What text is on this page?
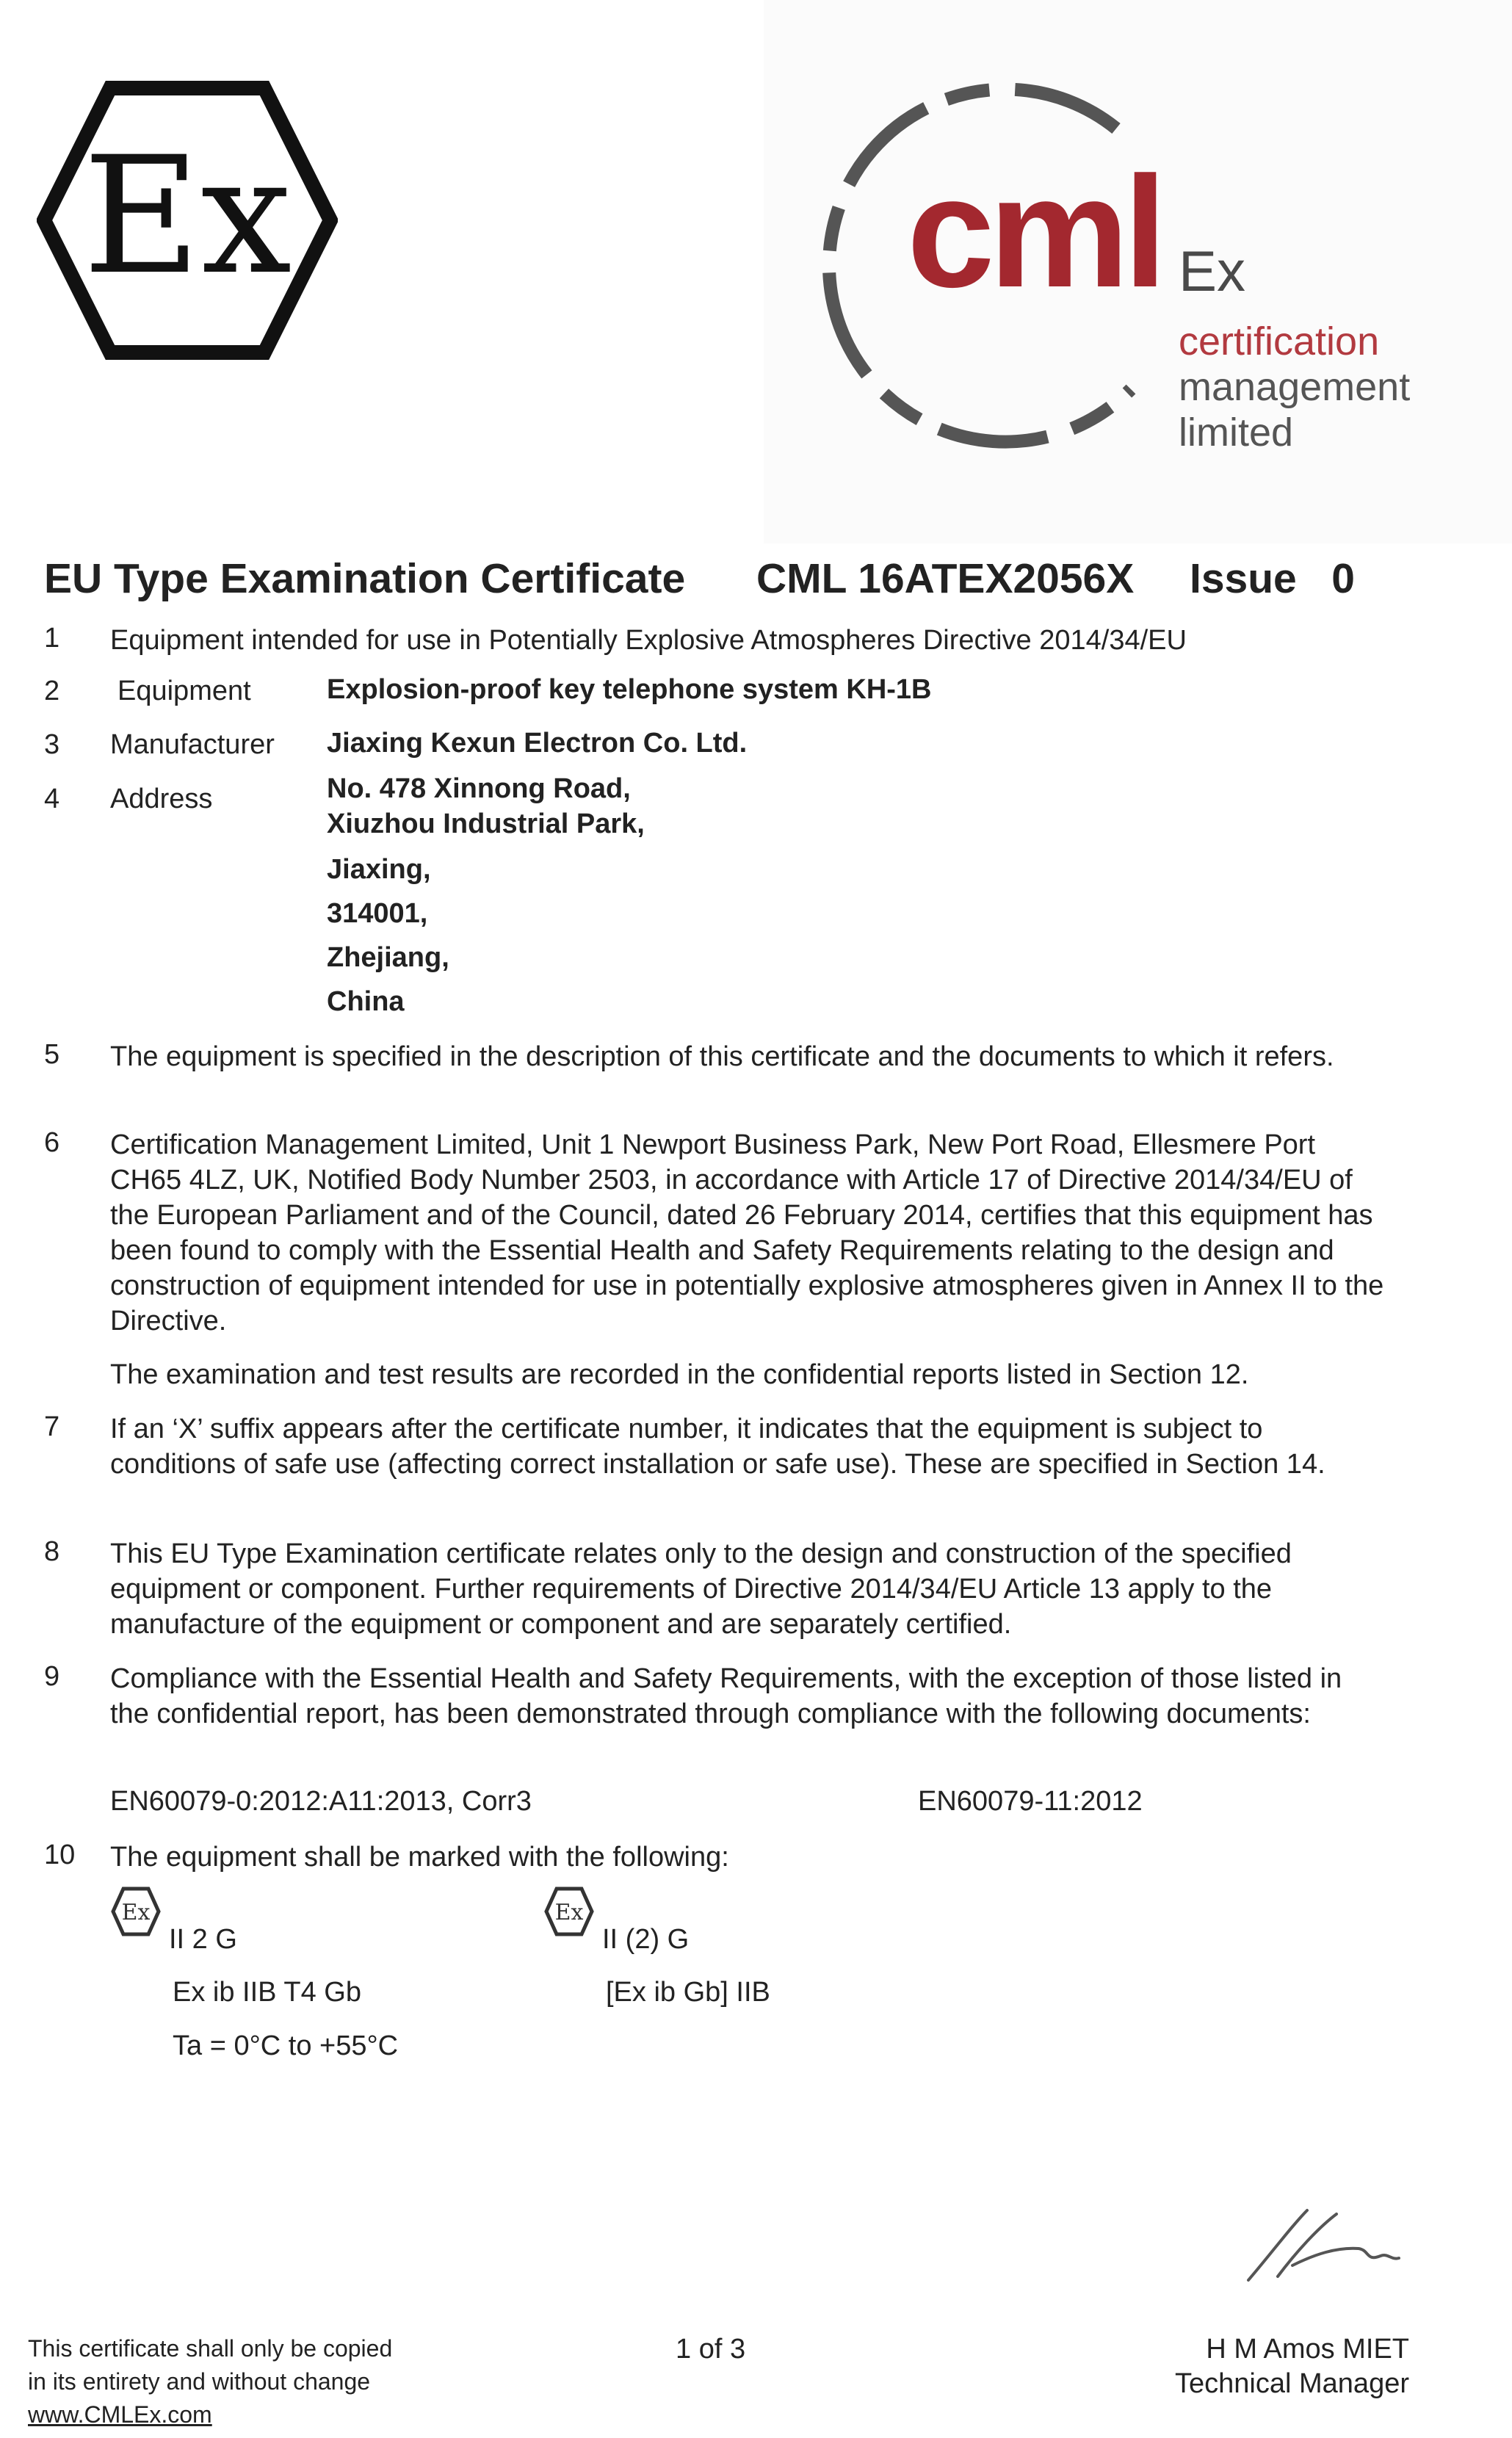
Ex	cml Ex
certification
management
limited
EU Type Examination Certificate CML 16ATEX2056X Issue 0
1 Equipment intended for use in Potentially Explosive Atmospheres Directive 2014/34/EU
2 Equipment	Explosion-proof key telephone system KH-1B
3 Manufacturer Jiaxing Kexun Electron Co. Ltd.
4 Address	No. 478 Xinnong Road,
Xiuzhou Industrial Park,
Jiaxing,
314001,
Zhejiang,
China
5 The equipment is specified in the description of this certificate and the documents to which it refers.
6 Certification Management Limited, Unit 1 Newport Business Park, New Port Road, Ellesmere Port CH65 4LZ, UK, Notified Body Number 2503, in accordance with Article 17 of Directive 2014/34/EU of the European Parliament and of the Council, dated 26 February 2014, certifies that this equipment has been found to comply with the Essential Health and Safety Requirements relating to the design and construction of equipment intended for use in potentially explosive atmospheres given in Annex II to the Directive.
The examination and test results are recorded in the confidential reports listed in Section 12.
7 If an ‘X’ suffix appears after the certificate number, it indicates that the equipment is subject to conditions of safe use (affecting correct installation or safe use). These are specified in Section 14.
8 This EU Type Examination certificate relates only to the design and construction of the specified equipment or component. Further requirements of Directive 2014/34/EU Article 13 apply to the manufacture of the equipment or component and are separately certified.
9 Compliance with the Essential Health and Safety Requirements, with the exception of those listed in the confidential report, has been demonstrated through compliance with the following documents:
EN60079-0:2012:A11:2013, Corr3	EN60079-11:2012
10 The equipment shall be marked with the following:
Ex
II 2 G
Ex ib IIB T4 Gb
Ta = 0°C to +55°C
Ex
II (2) G
[Ex ib Gb] IIB
This certificate shall only be copied
in its entirety and without change
www.CMLEx.com
1 of 3	H M Amos MIET
Technical Manager
